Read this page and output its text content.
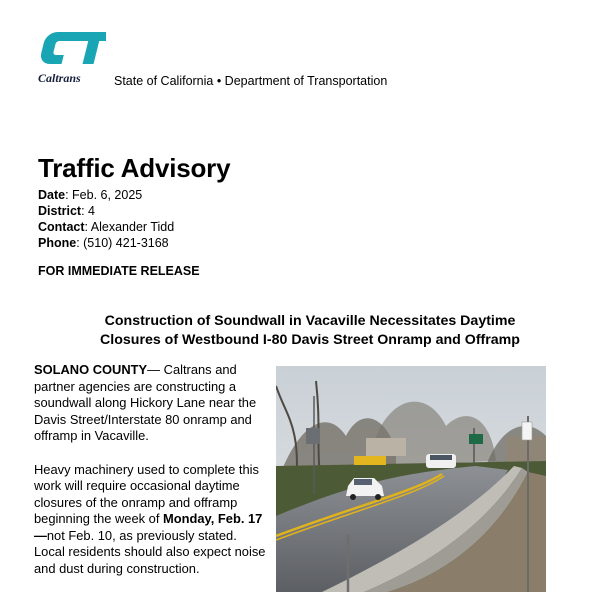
Caltrans	State of California • Department of Transportation
Traffic Advisory
Date: Feb. 6, 2025
District: 4
Contact: Alexander Tidd
Phone: (510) 421-3168
FOR IMMEDIATE RELEASE
Construction of Soundwall in Vacaville Necessitates Daytime
Closures of Westbound I-80 Davis Street Onramp and Offramp

SOLANO COUNTY— Caltrans and partner agencies are constructing a soundwall along Hickory Lane near the Davis Street/Interstate 80 onramp and offramp in Vacaville.

Heavy machinery used to complete this work will require occasional daytime closures of the onramp and offramp beginning the week of Monday, Feb. 17—not Feb. 10, as previously stated. Local residents should also expect noise and dust during construction.
